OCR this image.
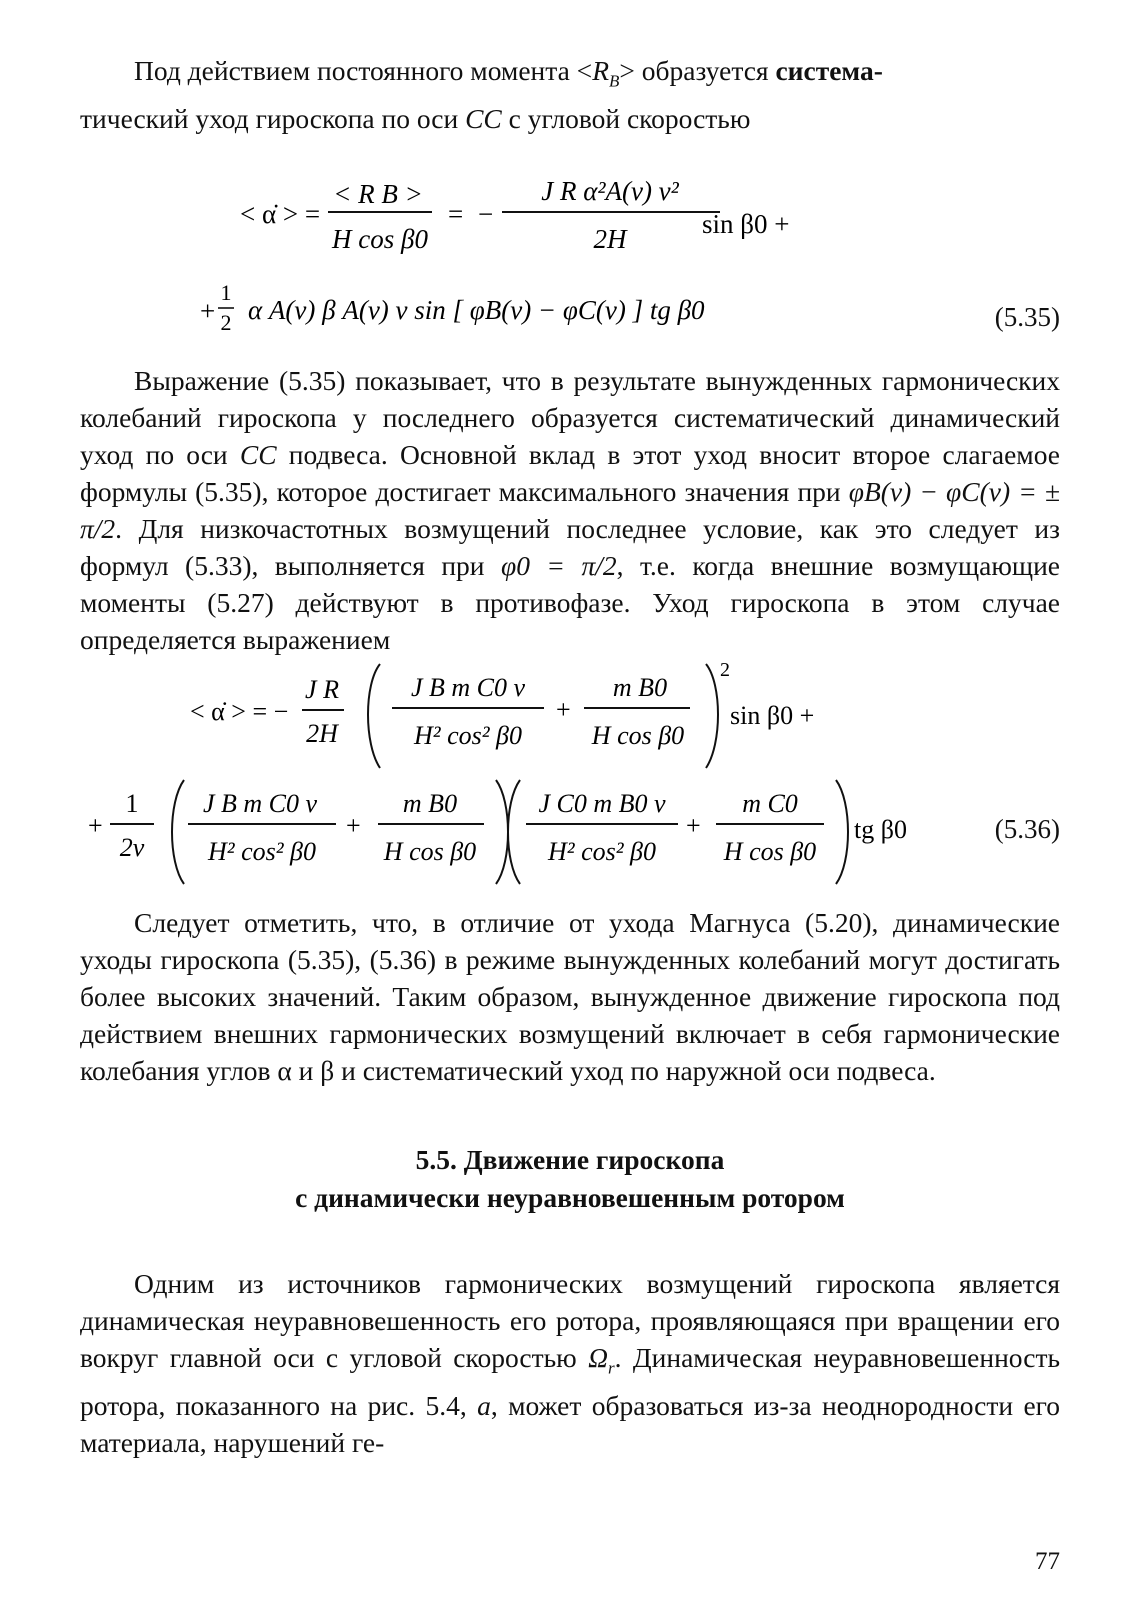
Под действием постоянного момента $<R_B>$ образуется система-
тический уход гироскопа по оси CC с угловой скоростью

< α̇ > =
< R B >
H cos β0
= −
J R α²A(ν) ν²
2H	sin β0 +
+
1
2 α A(ν) β A(ν) ν sin [ φB(ν) − φC(ν) ] tg β0	(5.35)

Выражение (5.35) показывает, что в результате вынужденных гармонических колебаний гироскопа у последнего образуется систематический динамический уход по оси CC подвеса. Основной вклад в этот уход вносит второе слагаемое формулы (5.35), которое достигает максимального значения при φB(ν) − φC(ν) = ± π/2. Для низкочастотных возмущений последнее условие, как это следует из формул (5.33), выполняется при φ0 = π/2, т.е. когда внешние возмущающие моменты (5.27) действуют в противофазе. Уход гироскопа в этом случае определяется выражением

< α̇ > = −
J R
2H
J B m C0 ν
H² cos² β0
+
m B0
H cos β0
2
sin β0 +
+
1
2ν
J B m C0 ν
H² cos² β0
+
m B0
H cos β0
J C0 m B0 ν
H² cos² β0
+
m C0
H cos β0
tg β0	(5.36)

Следует отметить, что, в отличие от ухода Магнуса (5.20), динамические уходы гироскопа (5.35), (5.36) в режиме вынужденных колебаний могут достигать более высоких значений. Таким образом, вынужденное движение гироскопа под действием внешних гармонических возмущений включает в себя гармонические колебания углов α и β и систематический уход по наружной оси подвеса.

5.5. Движение гироскопа
с динамически неуравновешенным ротором

Одним из источников гармонических возмущений гироскопа является динамическая неуравновешенность его ротора, проявляющаяся при вращении его вокруг главной оси с угловой скоростью $\Omega_r$. Динамическая неуравновешенность ротора, показанного на рис. 5.4, а, может образоваться из-за неоднородности его материала, нарушений ге-

77
